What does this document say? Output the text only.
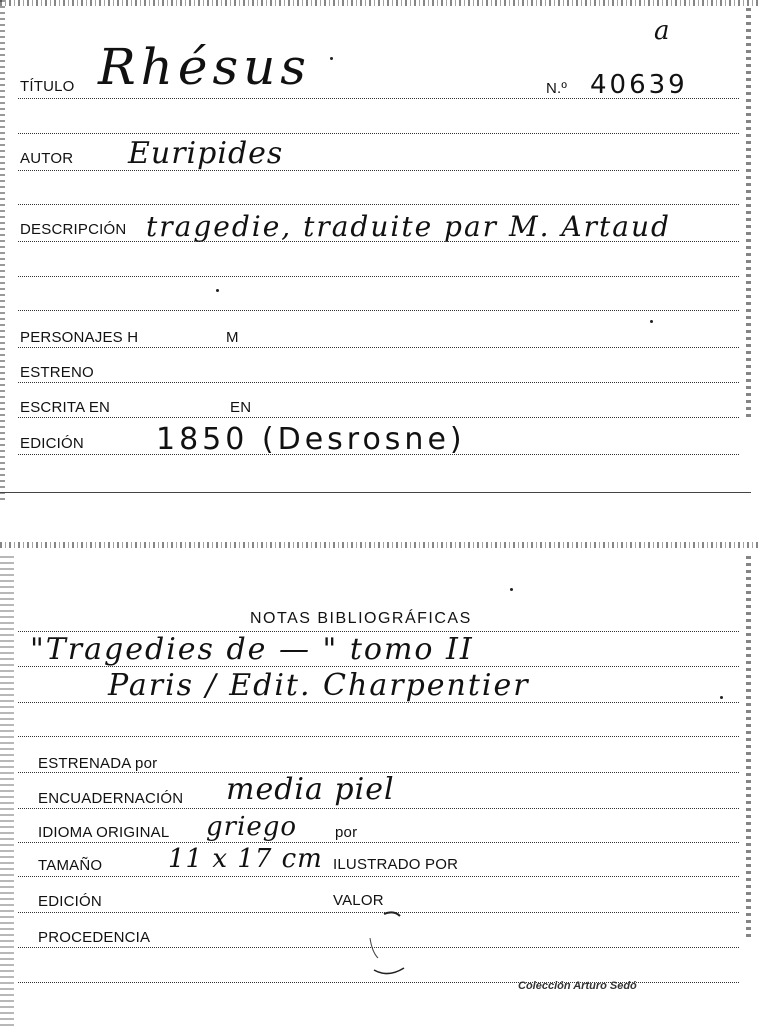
a
TÍTULO Rhésus	N.º 40639
AUTOR Euripides
DESCRIPCIÓN tragedie, traduite par M. Artaud
PERSONAJES H	M
ESTRENO
ESCRITA EN	EN
EDICIÓN 1850 (Desrosne)
NOTAS BIBLIOGRÁFICAS
"Tragedies de — " tomo II
Paris / Edit. Charpentier
ESTRENADA por
ENCUADERNACIÓN media piel
IDIOMA ORIGINAL griego	por
TAMAÑO	11 x 17 cm ILUSTRADO POR
EDICIÓN	VALOR
PROCEDENCIA
Colección Arturo Sedó
